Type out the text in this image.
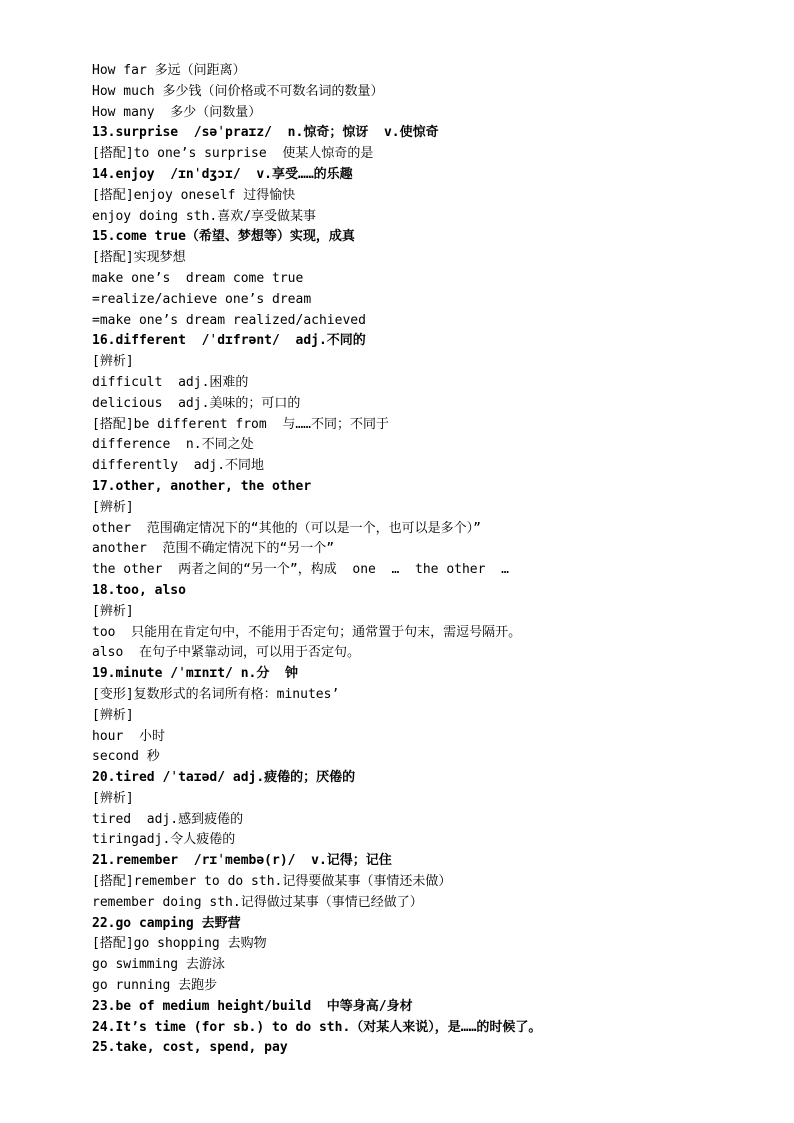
How far 多远（问距离）
How much 多少钱（问价格或不可数名词的数量）
How many  多少（问数量）
13.surprise  /səˈpraɪz/  n.惊奇；惊讶  v.使惊奇
[搭配]to one’s surprise  使某人惊奇的是
14.enjoy  /ɪnˈdʒɔɪ/  v.享受……的乐趣
[搭配]enjoy oneself 过得愉快
enjoy doing sth.喜欢/享受做某事
15.come true（希望、梦想等）实现，成真
[搭配]实现梦想
make one’s  dream come true
=realize/achieve one’s dream
=make one’s dream realized/achieved
16.different  /ˈdɪfrənt/  adj.不同的
[辨析]
difficult  adj.困难的
delicious  adj.美味的；可口的
[搭配]be different from  与……不同；不同于
difference  n.不同之处
differently  adj.不同地
17.other, another, the other
[辨析]
other  范围确定情况下的“其他的（可以是一个，也可以是多个）”
another  范围不确定情况下的“另一个”
the other  两者之间的“另一个”，构成  one  …  the other  …
18.too, also
[辨析]
too  只能用在肯定句中，不能用于否定句；通常置于句末，需逗号隔开。
also  在句子中紧靠动词，可以用于否定句。
19.minute /ˈmɪnɪt/ n.分  钟
[变形]复数形式的名词所有格：minutes’
[辨析]
hour  小时
second 秒
20.tired /ˈtaɪəd/ adj.疲倦的；厌倦的
[辨析]
tired  adj.感到疲倦的
tiringadj.令人疲倦的
21.remember  /rɪˈmembə(r)/  v.记得；记住
[搭配]remember to do sth.记得要做某事（事情还未做）
remember doing sth.记得做过某事（事情已经做了）
22.go camping 去野营
[搭配]go shopping 去购物
go swimming 去游泳
go running 去跑步
23.be of medium height/build  中等身高/身材
24.It’s time (for sb.) to do sth.（对某人来说），是……的时候了。
25.take, cost, spend, pay
